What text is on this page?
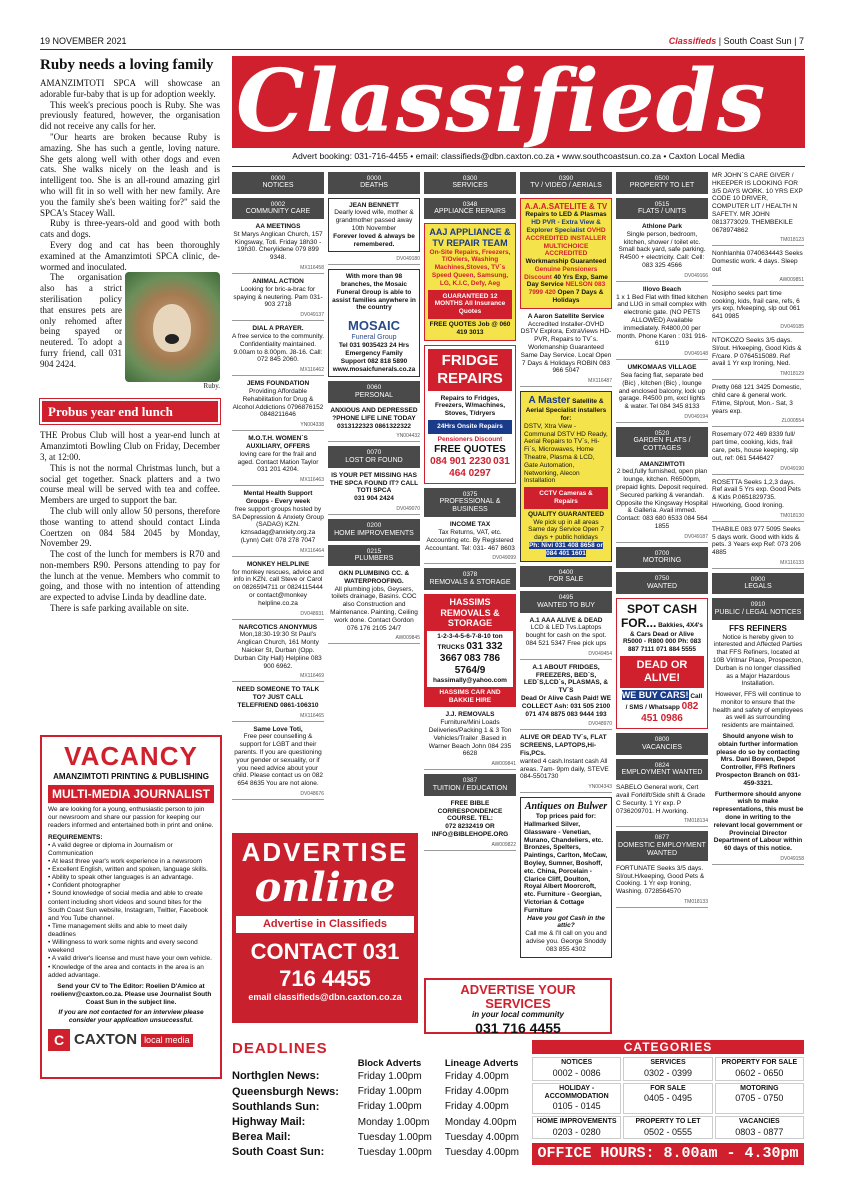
19 NOVEMBER 2021	Classifieds | South Coast Sun | 7
Ruby needs a loving family

AMANZIMTOTI SPCA will showcase an adorable fur-baby that is up for adoption weekly.

This week's precious pooch is Ruby. She was previously featured, however, the organisation did not receive any calls for her.

"Our hearts are broken because Ruby is amazing. She has such a gentle, loving nature. She gets along well with other dogs and even cats. She walks nicely on the leash and is intelligent too. She is an all-round amazing girl who will fit in so well with her new family. Are you the family she's been waiting for?" said the SPCA's Stacey Wall.

Ruby is three-years-old and good with both cats and dogs.

Every dog and cat has been thoroughly examined at the Amanzimtoti SPCA clinic, de-wormed and inoculated.

The organisation also has a strict sterilisation policy that ensures pets are only rehomed after being spayed or neutered. To adopt a furry friend, call 031 904 2424.

Ruby.
Probus year end lunch

THE Probus Club will host a year-end lunch at Amanzimtoti Bowling Club on Friday, December 3, at 12:00.

This is not the normal Christmas lunch, but a social get together. Snack platters and a two course meal will be served with tea and coffee. Members are urged to support the bar.

The club will only allow 50 persons, therefore those wanting to attend should contact Linda Coertzen on 084 584 2045 by Monday, November 29.

The cost of the lunch for members is R70 and non-members R90. Persons attending to pay for the lunch at the venue. Members who commit to going, and those with no intention of attending are expected to advise Linda by deadline date.

There is safe parking available on site.

VACANCY
AMANZIMTOTI PRINTING & PUBLISHING
MULTI-MEDIA JOURNALIST

We are looking for a young, enthusiastic person to join our newsroom and share our passion for keeping our readers informed and entertained both in print and online.

REQUIREMENTS:

• A valid degree or diploma in Journalism or Communication
• At least three year's work experience in a newsroom
• Excellent English, written and spoken, language skills.
• Ability to speak other languages is an advantage.
• Confident photographer
• Sound knowledge of social media and able to create content including short videos and sound bites for the South Coast Sun website, Instagram, Twitter, Facebook and You Tube channel.
• Time management skills and able to meet daily deadlines
• Willingness to work some nights and every second weekend
• A valid driver's license and must have your own vehicle.
• Knowledge of the area and contacts in the area is an added advantage.

Send your CV to The Editor: Roelien D'Amico at roelienv@caxton.co.za. Please use Journalist South Coast Sun in the subject line.

If you are not contacted for an interview please consider your application unsuccessful.

C CAXTON local media
Classifieds
Advert booking: 031-716-4455 • email: classifieds@dbn.caxton.co.za • www.southcoastsun.co.za • Caxton Local Media
0000
NOTICES
0002
COMMUNITY CARE
AA MEETINGS

St Marys Anglican Church, 157 Kingsway, Toti. Friday 18h30 - 19h30. Cherylidene 079 899 9348.

MX116458
ANIMAL ACTION

Looking for bric-a-brac for spaying & neutering. Pam 031-903 2718

DV049137
DIAL A PRAYER.

A free service to the community. Confidentiality maintained. 9.00am to 8.00pm. J8-16. Call: 072 845 2060.

MX116462
JEMS FOUNDATION

Providing Affordable Rehabilitation for Drug & Alcohol Addictions 0796876152 0848211646

YN004338
M.O.T.H. WOMEN`S AUXILIARY, OFFERS

loving care for the frail and aged. Contact Mation Taylor 031 201 4204.

MX116463
Mental Health Support Groups - Every week

free support groups hosted by SA Depression & Anxiety Group (SADAG) KZN. kznsadag@anxiety.org.za (Lynn) Cell: 078 278 7047

MX116464
MONKEY HELPLINE

for monkey rescues, advice and info in KZN. call Steve or Carol on 0826594711 or 0824115444 or contact@monkey helpline.co.za

DV048931
NARCOTICS ANONYMUS

Mon,18:30-19:30 St Paul's Anglican Church, 161 Monty Naicker St, Durban (Opp. Durban City Hall) Helpline 083 900 6962.

MX116469
NEED SOMEONE TO TALK TO? JUST CALL TELEFRIEND 0861-106310
MX116465
Same Love Toti,

Free peer counselling & support for LGBT and their parents. If you are questioning your gender or sexuality, or if you need advice about your child. Please contact us on 082 654 8635 You are not alone.

DV048676
0000
DEATHS
JEAN BENNETT

Dearly loved wife, mother & grandmother passed away 10th November

Forever loved & always be remembered.
DV049180
With more than 98 branches, the Mosaic Funeral Group is able to assist families anywhere in the country
MOSAIC
Funeral Group
Tel 031 9035423 24 Hrs Emergency Family Support 082 818 5890 www.mosaicfunerals.co.za
0060
PERSONAL
ANXIOUS AND DEPRESSED ?PHONE LIFE LINE TODAY
0313122323 0861322322
YN004432
0070
LOST OR FOUND
IS YOUR PET MISSING HAS THE SPCA FOUND IT? CALL TOTI SPCA
031 904 2424
DV049070
0200
HOME IMPROVEMENTS
0215
PLUMBERS
GKN PLUMBING CC. & WATERPROOFING.

All plumbing jobs, Geysers, toilets drainage, Basins. COC also Construction and Maintenance. Painting, Ceiling work done. Contact Gordon 076 176 2105 24/7

AW009845
0300
SERVICES
0348
APPLIANCE REPAIRS
AAJ APPLIANCE & TV REPAIR TEAM On-Site Repairs, Freezers, T/Oviers, Washing Machines,Stoves, TV`s Speed Queen, Samsung, LG, K.I.C, Defy, Aeg
GUARANTEED 12 MONTHS All Insurance Quotes
FREE QUOTES Job @ 060 419 3013
FRIDGE REPAIRS
Repairs to Fridges, Freezers, W/machines, Stoves, T/dryers
24Hrs Onsite Repairs
Pensioners Discount FREE QUOTES 084 901 2230 031 464 0297
0375
PROFESSIONAL & BUSINESS
INCOME TAX

Tax Returns, VAT, etc. Accounting etc. By Registered Accountant. Tel: 031- 467 8603

DV049099
0378
REMOVALS & STORAGE
HASSIMS REMOVALS & STORAGE
1-2-3-4-5-6-7-8-10 ton TRUCKS 031 332 3667 083 786 5764/9 hassimally@yahoo.com
HASSIMS CAR AND BAKKIE HIRE
J.J. REMOVALS

Furniture/Mini Loads Deliveries/Packing 1 & 3 Ton Vehicles/Trailer .Based in Warner Beach John 084 235 6628

AW009841
0387
TUITION / EDUCATION
FREE BIBLE CORRESPONDENCE COURSE. TEL:
072 8232419 OR INFO@BIBLEHOPE.ORG
AW009822
0390
TV / VIDEO / AERIALS
A.A.A.SATELITE & TV Repairs to LED & Plasmas HD PVR - Extra View & Explorer Specialist OVHD ACCREDITED INSTALLER MULTICHOICE ACCREDITED Workmanship Guaranteed Genuine Pensioners Discount 40 Yrs Exp, Same Day Service NELSON 083 7999 420 Open 7 Days & Holidays
A Aaron Satellite Service

Accredited Installer-OVHD DSTV Explora, ExtraViews HD-PVR, Repairs to TV`s. Workmanship Guaranteed Same Day Service. Local Open 7 Days & Holidays ROBIN 083 966 5047

MX116487
A Master Satellite & Aerial Specialist installers for:

DSTV, Xtra View - Communal DSTV HD Ready, Aerial Repairs to TV`s, Hi-Fi`s, Microwaves, Home Theatre, Plasma & LCD, Gate Automation, Networking, Alecon Installation

CCTV Cameras & Repairs
QUALITY GUARANTEED

We pick up in all areas Same day Service Open 7 days + public holidays

Ph: Nivi 031 408 8658 or 084 401 1601
0400
FOR SALE
0495
WANTED TO BUY
A.1 AAA ALIVE & DEAD

LCD & LED Tvs.Laptops bought for cash on the spot. 084 521 5347 Free pick ups

DV049454
A.1 ABOUT FRIDGES, FREEZERS, BED`S, LED`S,LCD`s, PLASMAS, & TV`S
Dead Or Alive Cash Paid! WE COLLECT Ash: 031 505 2100 071 474 8875 083 9444 193
DV048970
ALIVE OR DEAD TV`s, FLAT SCREENS, LAPTOPS,Hi-Fis,PCs.

wanted 4 cash.Instant cash All areas. 7am- 9pm daily, STEVE 084-5501730

YN004343
Antiques on Bulwer Top prices paid for:

Hallmarked Silver, Glassware - Venetian, Murano, Chandeliers, etc. Bronzes, Spelters, Paintings, Carlton, McCaw, Boyley, Sumner, Boshoff, etc. China, Porcelain - Clarice Cliff, Doulton, Royal Albert Moorcroft, etc. Furniture - Georgian, Victorian & Cottage Furniture

Have you got Cash in the attic?

Call me & I'll call on you and advise you. George Snoddy 083 855 4302

0500
PROPERTY TO LET
0515
FLATS / UNITS
Athlone Park

Single person, bedroom, kitchen, shower / toilet etc. Small back yard, safe parking. R4500 + electricity. Call: Cell: 083 325 4566

DV049166
Illovo Beach

1 x 1 Bed Flat with fitted kitchen and LUG in small complex with electronic gate. (NO PETS ALLOWED) Available immediately. R4800,00 per month. Phone Karen : 031 916-6119

DV049148
UMKOMAAS VILLAGE

Sea facing flat, separate bed (Bic) , kitchen (Bic) , lounge and enclosed balcony, lock up garage. R4500 pm, excl lights & water. Tel 084 345 8133

DV049194
0520
GARDEN FLATS / COTTAGES
AMANZIMTOTI

2 bed,fully furnished, open plan lounge, kitchen. R6500pm, prepaid lights. Deposit required. Secured parking & verandah. Opposite the Kingsway Hospital & Galleria. Avail immed. Contact: 083 680 6533 084 564 1855

DV049187
0700
MOTORING
0750
WANTED
SPOT CASH FOR... Bakkies, 4X4's & Cars Dead or Alive R5000 - R800 000 Ph: 083 887 7111 071 884 5555
DEAD OR ALIVE!
WE BUY CARS! Call / SMS / Whatsapp 082 451 0986
0800
VACANCIES
0824
EMPLOYMENT WANTED

SABELO General work, Cert avail Forklift/Side shift & Grade C Security. 1 Yr exp. P 0736209701. H /working.

TM018134
0877
DOMESTIC EMPLOYMENT WANTED

FORTUNATE Seeks 3/5 days. Sl/out.H/keeping, Good Pets & Cooking. 1 Yr exp Ironing, Washing. 0728564570

TM018133

MR JOHN`S CARE GIVER / HKEEPER IS LOOKING FOR 3/5 DAYS WORK. 10 YRS EXP CODE 10 DRIVER, COMPUTER LIT / HEALTH N SAFETY. MR JOHN 0813773029. THEMBEKILE 0678974862

TM018123

Nonhlanhla 0740634443 Seeks Domestic work. 4 days. Sleep out

AW009851

Nosipho seeks part time cooking, kids, frail care, refs, 6 yrs exp, h/keeping, slp out 061 641 0985

DV049185

NTOKOZO Seeks 3/5 days. Sl/out. H/keeping, Good Kids & F/care. P 0764515089. Ref avail 1 Yr exp Ironing, Ned.

TM018129

Pretty 068 121 3425 Domestic, child care & general work. F/time, Slp/out, Mon.- Sat, 3 years exp.

ZL000554

Rosemary 072 469 8339 full/ part time, cooking, kids, frail care, pets, house keeping, slp out, ref: 061 5446427

DV049190

ROSETTA Seeks 1,2,3 days. Ref avail 5 Yrs exp. Good Pets & Kids P.0651829735. H/working, Good Ironing.

TM018130

THABILE 083 977 5095 Seeks 5 days work. Good with kids & pets. 3 Years exp Ref: 073 206 4885

MX116133
0900
LEGALS
0910
PUBLIC / LEGAL NOTICES
FFS REFINERS

Notice is hereby given to interested and Affected Parties that FFS Refiners, located at 10B Viritnar Place, Prospecton, Durban is no longer classified as a Major Hazardous Installation.

However, FFS will continue to monitor to ensure that the health and safety of employees as well as surrounding residents are maintained.

Should anyone wish to obtain further information please do so by contacting Mrs. Dani Bowen, Depot Controller, FFS Refiners Prospecton Branch on 031-459-3321.
Furthermore should anyone wish to make representations, this must be done in writing to the relevant local government or Provincial Director Department of Labour within 60 days of this notice.
DV049158
ADVERTISE
online
Advertise in Classifieds
CONTACT 031 716 4455
email classifieds@dbn.caxton.co.za
ADVERTISE YOUR SERVICES
in your local community
031 716 4455
DEADLINES
	Block Adverts	Lineage Adverts
Northglen News:	Friday 1.00pm	Friday 4.00pm
Queensburgh News:	Friday 1.00pm	Friday 4.00pm
Southlands Sun:	Friday 1.00pm	Friday 4.00pm
Highway Mail:	Monday 1.00pm	Monday 4.00pm
Berea Mail:	Tuesday 1.00pm	Tuesday 4.00pm
South Coast Sun:	Tuesday 1.00pm	Tuesday 4.00pm
CATEGORIES
NOTICES
0002 - 0086
SERVICES
0302 - 0399
PROPERTY FOR SALE
0602 - 0650
HOLIDAY - ACCOMMODATION
0105 - 0145
FOR SALE
0405 - 0495
MOTORING
0705 - 0750
HOME IMPROVEMENTS
0203 - 0280
PROPERTY TO LET
0502 - 0555
VACANCIES
0803 - 0877
OFFICE HOURS: 8.00am - 4.30pm
